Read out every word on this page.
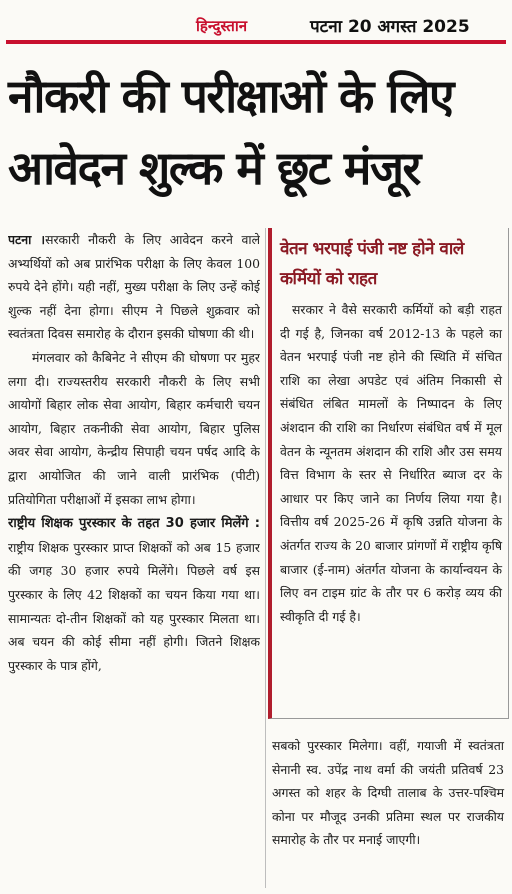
हिन्दुस्तान	पटना 20 अगस्त 2025
नौकरी की परीक्षाओं के लिए आवेदन शुल्क में छूट मंजूर

पटना ।सरकारी नौकरी के लिए आवेदन करने वाले अभ्यर्थियों को अब प्रारंभिक परीक्षा के लिए केवल 100 रुपये देने होंगे। यही नहीं, मुख्य परीक्षा के लिए उन्हें कोई शुल्क नहीं देना होगा। सीएम ने पिछले शुक्रवार को स्वतंत्रता दिवस समारोह के दौरान इसकी घोषणा की थी।

मंगलवार को कैबिनेट ने सीएम की घोषणा पर मुहर लगा दी। राज्यस्तरीय सरकारी नौकरी के लिए सभी आयोगों बिहार लोक सेवा आयोग, बिहार कर्मचारी चयन आयोग, बिहार तकनीकी सेवा आयोग, बिहार पुलिस अवर सेवा आयोग, केन्द्रीय सिपाही चयन पर्षद आदि के द्वारा आयोजित की जाने वाली प्रारंभिक (पीटी) प्रतियोगिता परीक्षाओं में इसका लाभ होगा।

राष्ट्रीय शिक्षक पुरस्कार के तहत 30 हजार मिलेंगे : राष्ट्रीय शिक्षक पुरस्कार प्राप्त शिक्षकों को अब 15 हजार की जगह 30 हजार रुपये मिलेंगे। पिछले वर्ष इस पुरस्कार के लिए 42 शिक्षकों का चयन किया गया था। सामान्यतः दो-तीन शिक्षकों को यह पुरस्कार मिलता था। अब चयन की कोई सीमा नहीं होगी। जितने शिक्षक पुरस्कार के पात्र होंगे,

वेतन भरपाई पंजी नष्ट होने वाले कर्मियों को राहत

सरकार ने वैसे सरकारी कर्मियों को बड़ी राहत दी गई है, जिनका वर्ष 2012-13 के पहले का वेतन भरपाई पंजी नष्ट होने की स्थिति में संचित राशि का लेखा अपडेट एवं अंतिम निकासी से संबंधित लंबित मामलों के निष्पादन के लिए अंशदान की राशि का निर्धारण संबंधित वर्ष में मूल वेतन के न्यूनतम अंशदान की राशि और उस समय वित्त विभाग के स्तर से निर्धारित ब्याज दर के आधार पर किए जाने का निर्णय लिया गया है। वित्तीय वर्ष 2025-26 में कृषि उन्नति योजना के अंतर्गत राज्य के 20 बाजार प्रांगणों में राष्ट्रीय कृषि बाजार (ई-नाम) अंतर्गत योजना के कार्यान्वयन के लिए वन टाइम ग्रांट के तौर पर 6 करोड़ व्यय की स्वीकृति दी गई है।

सबको पुरस्कार मिलेगा। वहीं, गयाजी में स्वतंत्रता सेनानी स्व. उपेंद्र नाथ वर्मा की जयंती प्रतिवर्ष 23 अगस्त को शहर के दिग्घी तालाब के उत्तर-पश्चिम कोना पर मौजूद उनकी प्रतिमा स्थल पर राजकीय समारोह के तौर पर मनाई जाएगी।
